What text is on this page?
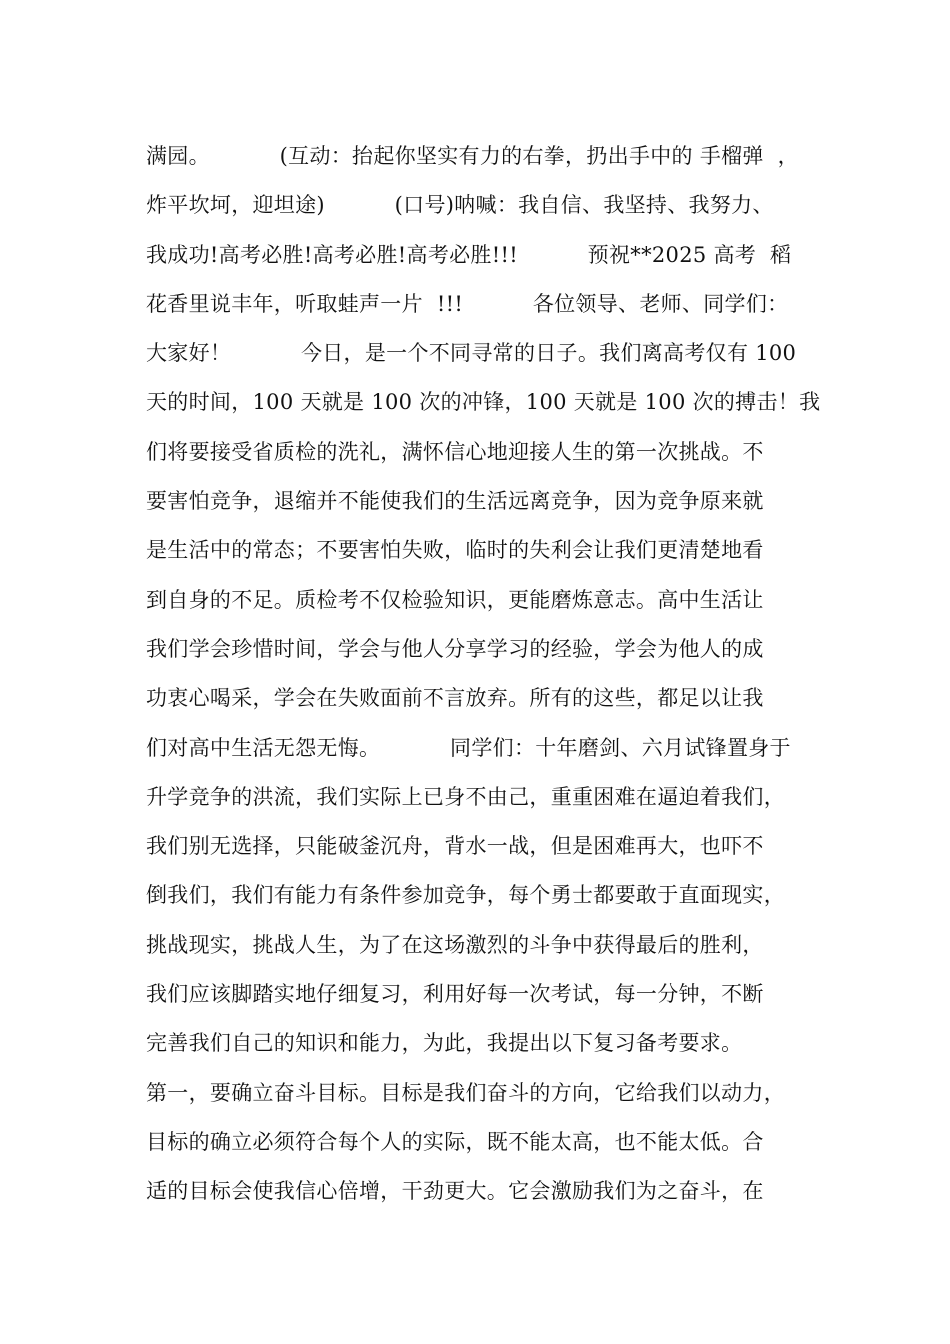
满园。          (互动：抬起你坚实有力的右拳，扔出手中的 手榴弹  ，
炸平坎坷，迎坦途)          (口号)呐喊：我自信、我坚持、我努力、
我成功!高考必胜!高考必胜!高考必胜!!!          预祝**2025 高考  稻
花香里说丰年，听取蛙声一片  !!!          各位领导、老师、同学们：
大家好！          今日，是一个不同寻常的日子。我们离高考仅有 100
天的时间，100 天就是 100 次的冲锋，100 天就是 100 次的搏击！我
们将要接受省质检的洗礼，满怀信心地迎接人生的第一次挑战。不
要害怕竞争，退缩并不能使我们的生活远离竞争，因为竞争原来就
是生活中的常态；不要害怕失败，临时的失利会让我们更清楚地看
到自身的不足。质检考不仅检验知识，更能磨炼意志。高中生活让
我们学会珍惜时间，学会与他人分享学习的经验，学会为他人的成
功衷心喝采，学会在失败面前不言放弃。所有的这些，都足以让我
们对高中生活无怨无悔。          同学们：十年磨剑、六月试锋置身于
升学竞争的洪流，我们实际上已身不由己，重重困难在逼迫着我们，
我们别无选择，只能破釜沉舟，背水一战，但是困难再大，也吓不
倒我们，我们有能力有条件参加竞争，每个勇士都要敢于直面现实，
挑战现实，挑战人生，为了在这场激烈的斗争中获得最后的胜利，
我们应该脚踏实地仔细复习，利用好每一次考试，每一分钟，不断
完善我们自己的知识和能力，为此，我提出以下复习备考要求。
第一，要确立奋斗目标。目标是我们奋斗的方向，它给我们以动力，
目标的确立必须符合每个人的实际，既不能太高，也不能太低。合
适的目标会使我信心倍增，干劲更大。它会激励我们为之奋斗，在
